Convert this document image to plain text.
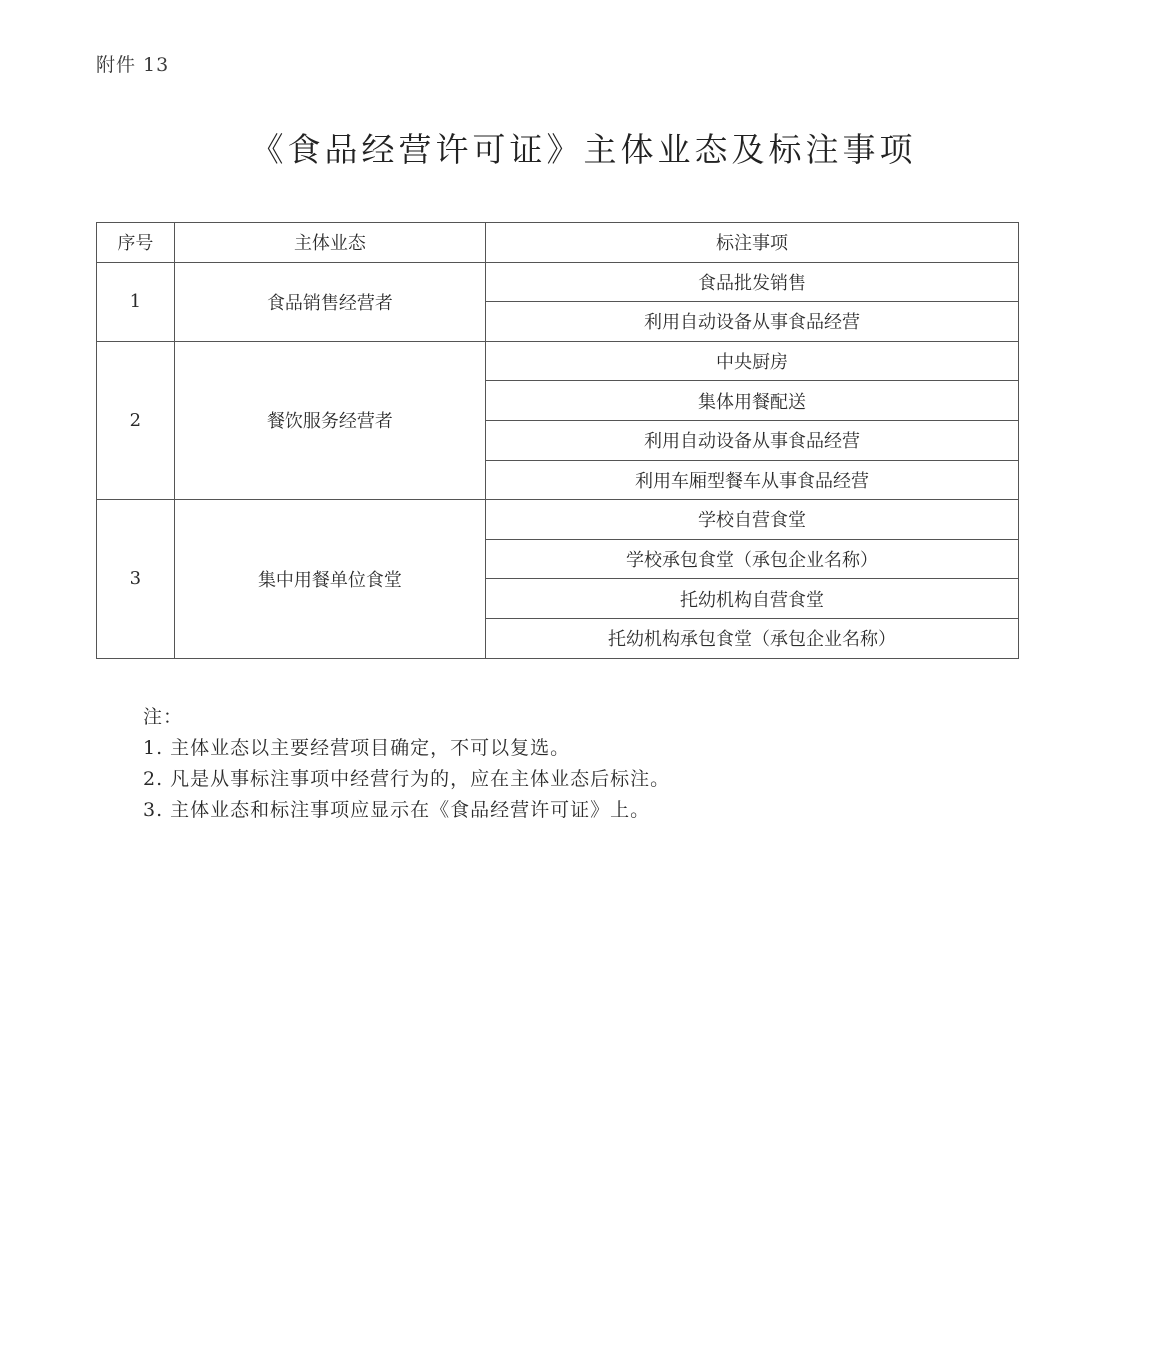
附件 13
《食品经营许可证》主体业态及标注事项
序号	主体业态	标注事项
1	食品销售经营者	食品批发销售
		利用自动设备从事食品经营
2	餐饮服务经营者	中央厨房
		集体用餐配送
		利用自动设备从事食品经营
		利用车厢型餐车从事食品经营
3	集中用餐单位食堂	学校自营食堂
		学校承包食堂（承包企业名称）
		托幼机构自营食堂
		托幼机构承包食堂（承包企业名称）
注：
1. 主体业态以主要经营项目确定，不可以复选。
2. 凡是从事标注事项中经营行为的，应在主体业态后标注。
3. 主体业态和标注事项应显示在《食品经营许可证》上。
